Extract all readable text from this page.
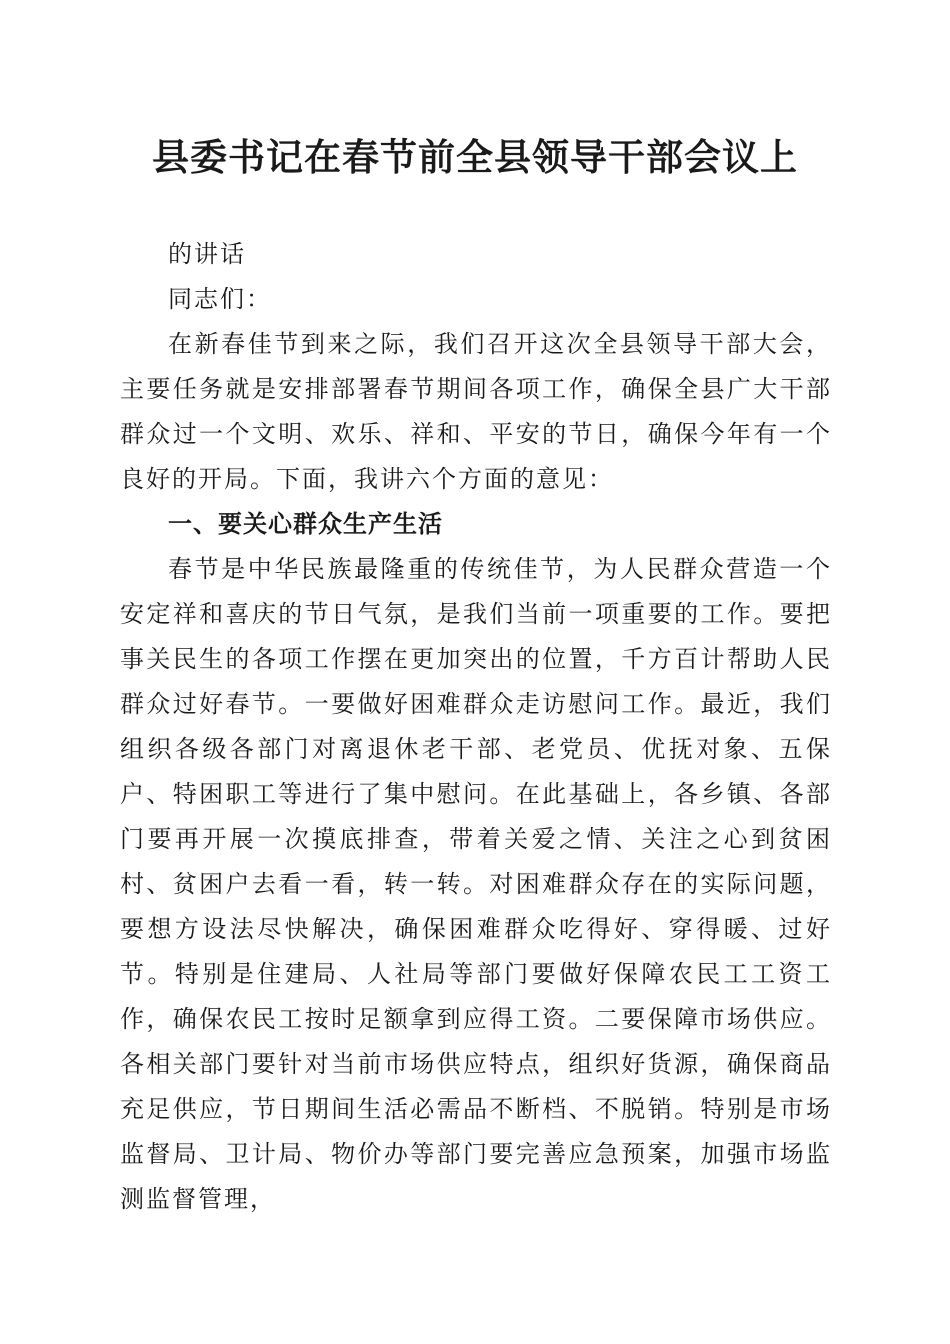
县委书记在春节前全县领导干部会议上

的讲话

同志们：

在新春佳节到来之际，我们召开这次全县领导干部大会，主要任务就是安排部署春节期间各项工作，确保全县广大干部群众过一个文明、欢乐、祥和、平安的节日，确保今年有一个良好的开局。下面，我讲六个方面的意见：

一、要关心群众生产生活

春节是中华民族最隆重的传统佳节，为人民群众营造一个安定祥和喜庆的节日气氛，是我们当前一项重要的工作。要把事关民生的各项工作摆在更加突出的位置，千方百计帮助人民群众过好春节。一要做好困难群众走访慰问工作。最近，我们组织各级各部门对离退休老干部、老党员、优抚对象、五保户、特困职工等进行了集中慰问。在此基础上，各乡镇、各部门要再开展一次摸底排查，带着关爱之情、关注之心到贫困村、贫困户去看一看，转一转。对困难群众存在的实际问题，要想方设法尽快解决，确保困难群众吃得好、穿得暖、过好节。特别是住建局、人社局等部门要做好保障农民工工资工作，确保农民工按时足额拿到应得工资。二要保障市场供应。各相关部门要针对当前市场供应特点，组织好货源，确保商品充足供应，节日期间生活必需品不断档、不脱销。特别是市场监督局、卫计局、物价办等部门要完善应急预案，加强市场监测监督管理，
